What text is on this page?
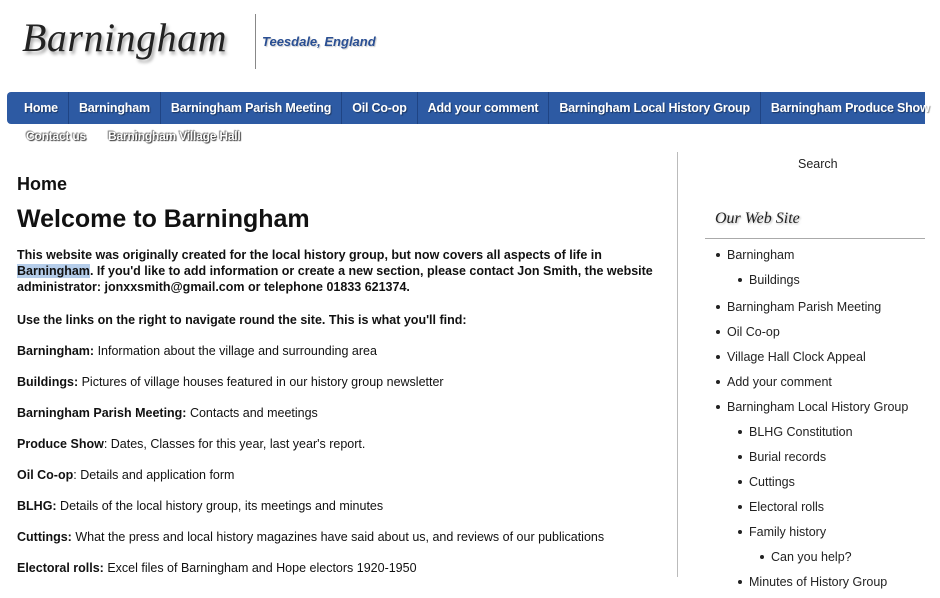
Barningham	Teesdale, England
Home	Barningham	Barningham Parish Meeting	Oil Co-op	Add your comment	Barningham Local History Group	Barningham Produce Show
Contact us Barningham Village Hall
Home
Welcome to Barningham
This website was originally created for the local history group, but now covers all aspects of life in Barningham. If you'd like to add information or create a new section, please contact Jon Smith, the website administrator: jonxxsmith@gmail.com or telephone 01833 621374.
Use the links on the right to navigate round the site. This is what you'll find:
Barningham: Information about the village and surrounding area
Buildings: Pictures of village houses featured in our history group newsletter
Barningham Parish Meeting: Contacts and meetings
Produce Show: Dates, Classes for this year, last year's report.
Oil Co-op: Details and application form
BLHG: Details of the local history group, its meetings and minutes
Cuttings: What the press and local history magazines have said about us, and reviews of our publications
Electoral rolls: Excel files of Barningham and Hope electors 1920-1950
Search
Our Web Site
Barningham
Buildings
Barningham Parish Meeting
Oil Co-op
Village Hall Clock Appeal
Add your comment
Barningham Local History Group
BLHG Constitution
Burial records
Cuttings
Electoral rolls
Family history
Can you help?
Minutes of History Group
